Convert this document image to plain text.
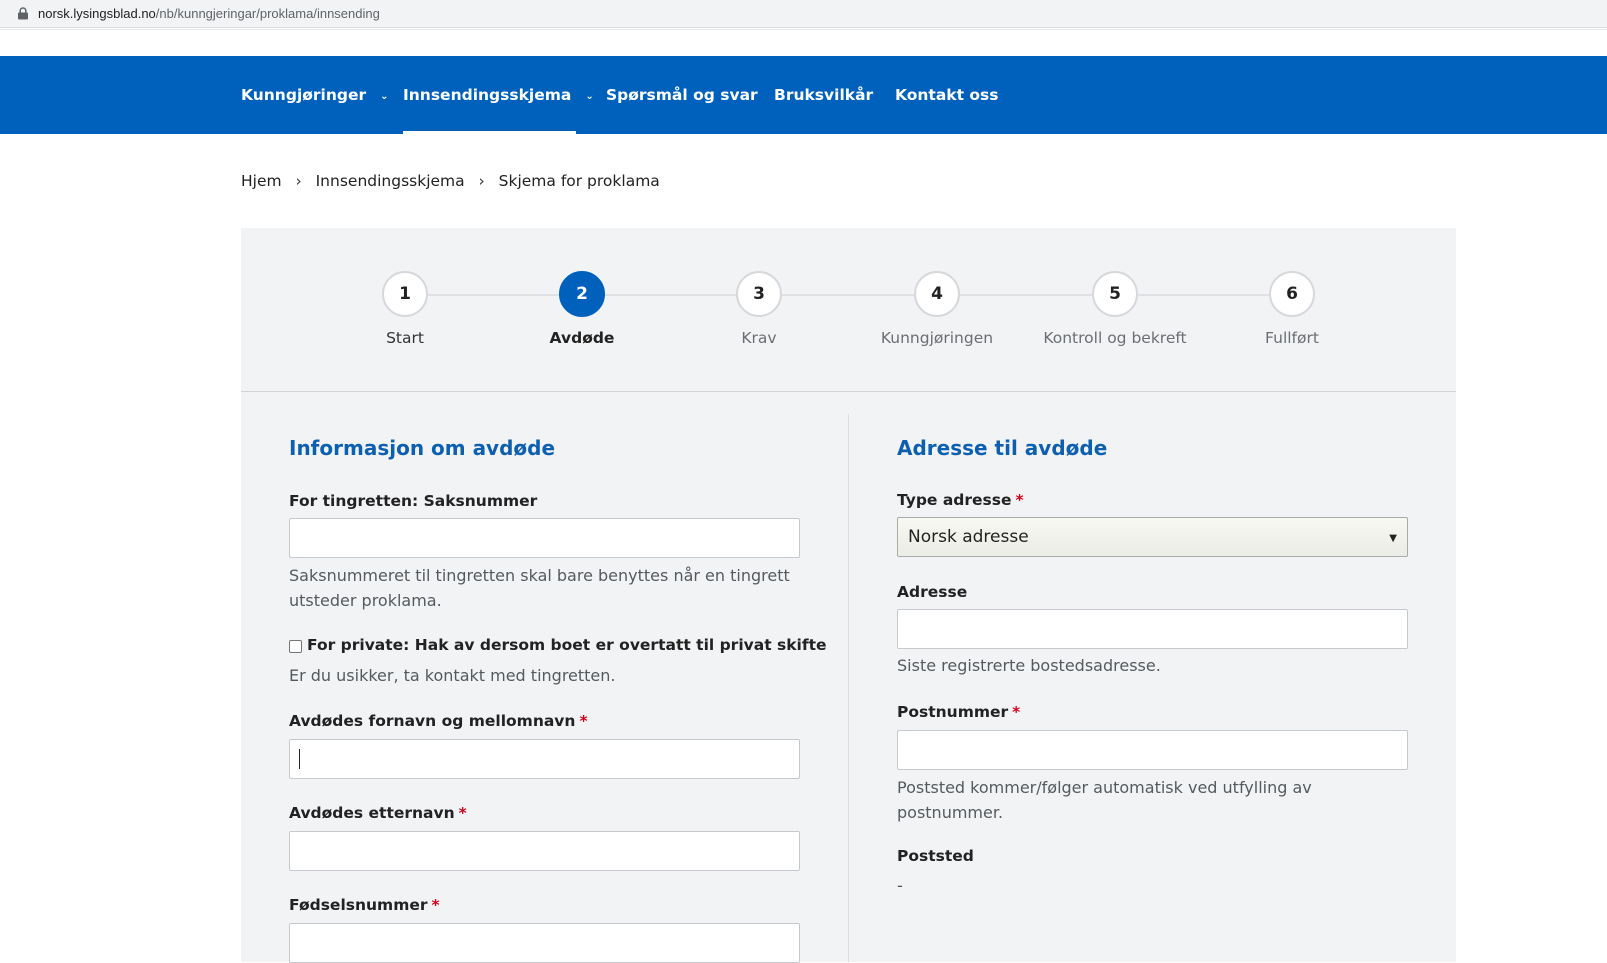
norsk.lysingsblad.no/nb/kunngjeringar/proklama/innsending
Kunngjøringer ⌄ Innsendingsskjema ⌄ Spørsmål og svar Bruksvilkår Kontakt oss
Hjem › Innsendingsskjema › Skjema for proklama
1
Start
2
Avdøde
3
Krav
4
Kunngjøringen
5
Kontroll og bekreft
6
Fullført
Informasjon om avdøde
For tingretten: Saksnummer
Saksnummeret til tingretten skal bare benyttes når en tingrett utsteder proklama.
For private: Hak av dersom boet er overtatt til privat skifte
Er du usikker, ta kontakt med tingretten.
Avdødes fornavn og mellomnavn *
Avdødes etternavn *
Fødselsnummer *
Adresse til avdøde
Type adresse *
Norsk adresse	▼
Adresse
Siste registrerte bostedsadresse.
Postnummer *
Poststed kommer/følger automatisk ved utfylling av postnummer.
Poststed
-
